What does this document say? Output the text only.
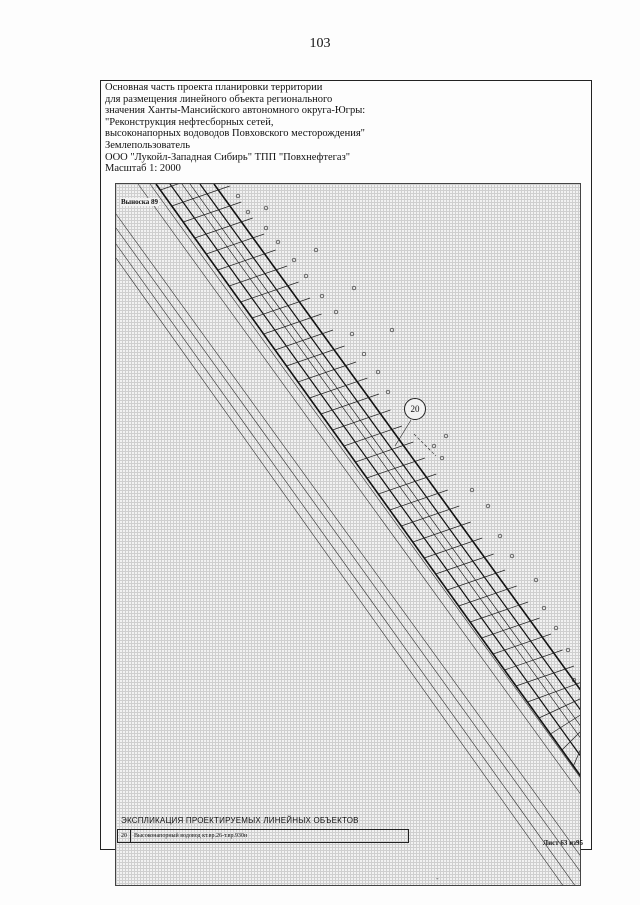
103
Основная часть проекта планировки территории
для размещения линейного объекта регионального
значения Ханты-Мансийского автономного округа-Югры:
"Реконструкция нефтесборных сетей,
высоконапорных водоводов Повховского месторождения"
Землепользователь
ООО "Лукойл-Западная Сибирь" ТПП "Повхнефтегаз"
Масштаб 1: 2000
Выноска 89
20
ЭКСПЛИКАЦИЯ ПРОЕКТИРУЕМЫХ ЛИНЕЙНЫХ ОБЪЕКТОВ
20	Высоконапорный водовод кт.вр.26-т.вр.930н
Лист 63 из95
-
